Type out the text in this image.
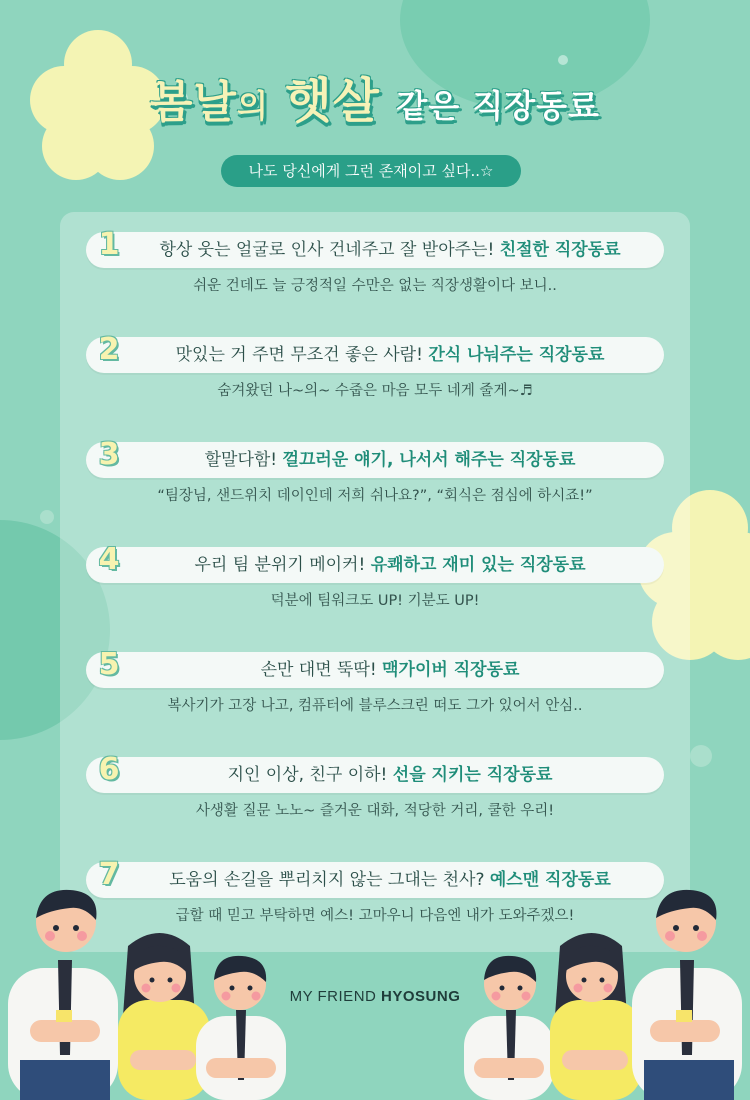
봄날의 햇살 같은 직장동료
나도 당신에게 그런 존재이고 싶다..☆
1	항상 웃는 얼굴로 인사 건네주고 잘 받아주는! 친절한 직장동료
쉬운 건데도 늘 긍정적일 수만은 없는 직장생활이다 보니..
2	맛있는 거 주면 무조건 좋은 사람! 간식 나눠주는 직장동료
숨겨왔던 나~의~ 수줍은 마음 모두 네게 줄게~♬
3	할말다함! 껄끄러운 얘기, 나서서 해주는 직장동료
“팀장님, 샌드위치 데이인데 저희 쉬나요?”, “회식은 점심에 하시죠!”
4	우리 팀 분위기 메이커! 유쾌하고 재미 있는 직장동료
덕분에 팀워크도 UP! 기분도 UP!
5	손만 대면 뚝딱! 맥가이버 직장동료
복사기가 고장 나고, 컴퓨터에 블루스크린 떠도 그가 있어서 안심..
6	지인 이상, 친구 이하! 선을 지키는 직장동료
사생활 질문 노노~ 즐거운 대화, 적당한 거리, 쿨한 우리!
7	도움의 손길을 뿌리치지 않는 그대는 천사? 예스맨 직장동료
급할 때 믿고 부탁하면 예스! 고마우니 다음엔 내가 도와주겠으!
MY FRIEND HYOSUNG
